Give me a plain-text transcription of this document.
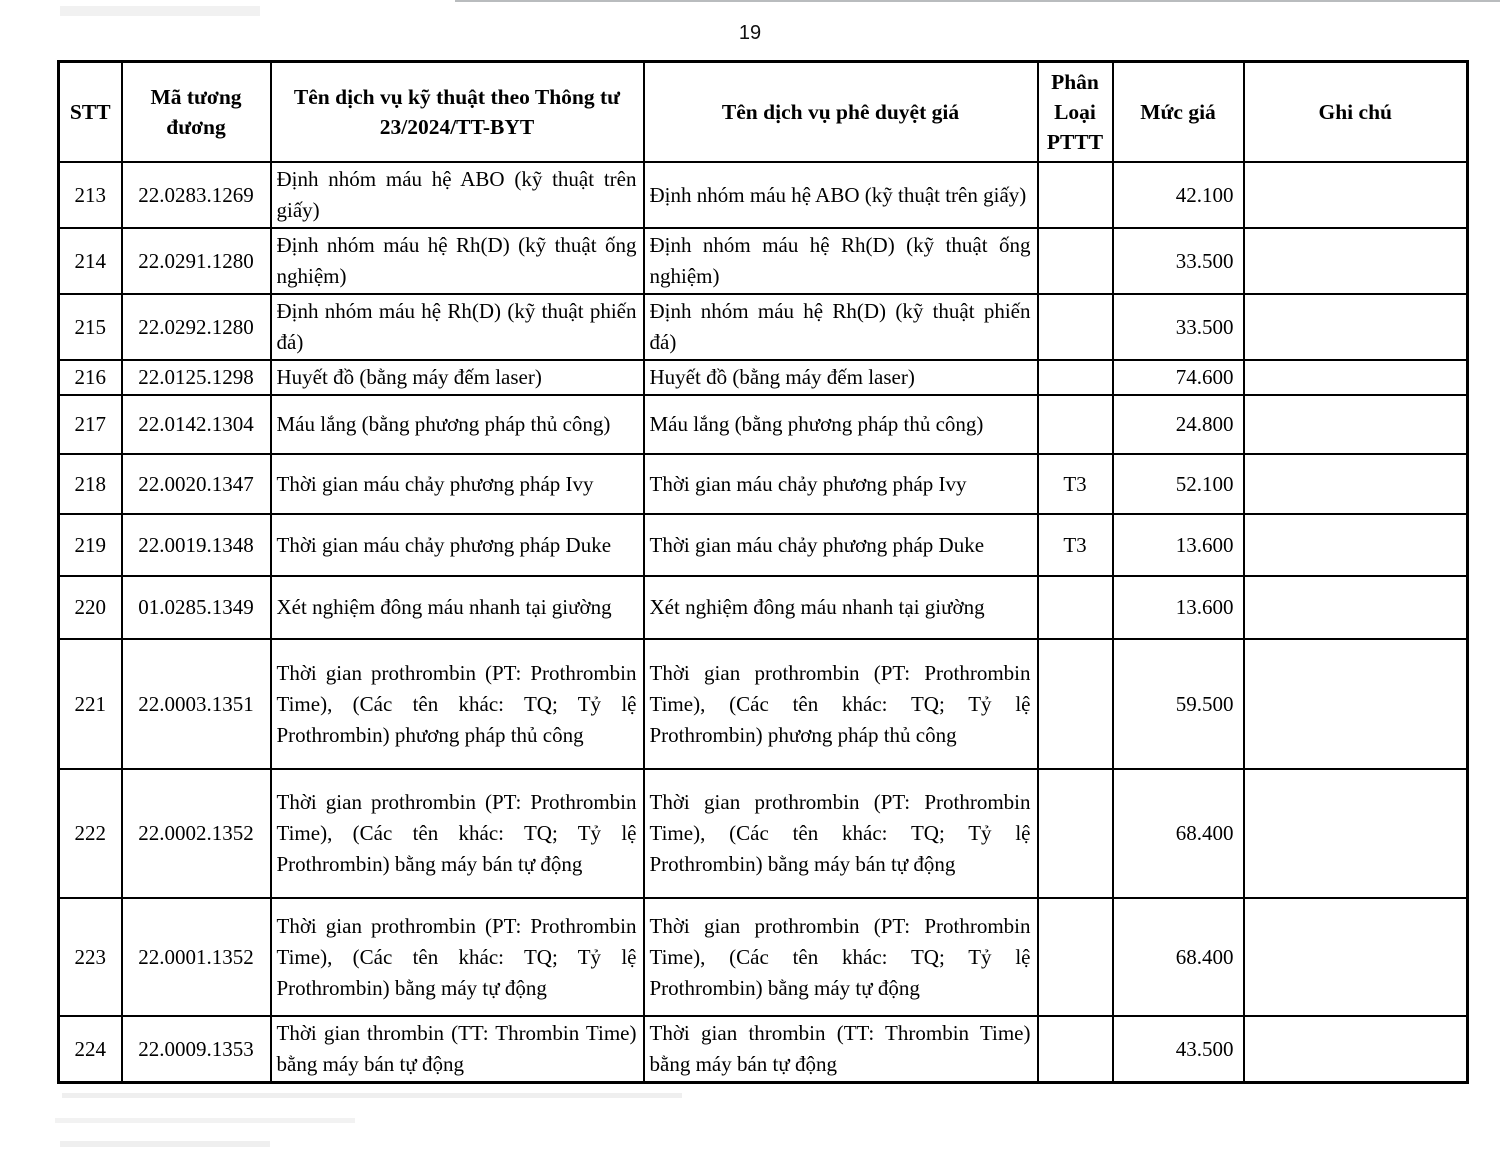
19
STT	Mã tương đương	Tên dịch vụ kỹ thuật theo Thông tư 23/2024/TT-BYT	Tên dịch vụ phê duyệt giá	Phân Loại PTTT	Mức giá	Ghi chú
213	22.0283.1269	Định nhóm máu hệ ABO (kỹ thuật trên giấy)	Định nhóm máu hệ ABO (kỹ thuật trên giấy)		42.100	
214	22.0291.1280	Định nhóm máu hệ Rh(D) (kỹ thuật ống nghiệm)	Định nhóm máu hệ Rh(D) (kỹ thuật ống nghiệm)		33.500	
215	22.0292.1280	Định nhóm máu hệ Rh(D) (kỹ thuật phiến đá)	Định nhóm máu hệ Rh(D) (kỹ thuật phiến đá)		33.500	
216	22.0125.1298	Huyết đồ (bằng máy đếm laser)	Huyết đồ (bằng máy đếm laser)		74.600	
217	22.0142.1304	Máu lắng (bằng phương pháp thủ công)	Máu lắng (bằng phương pháp thủ công)		24.800	
218	22.0020.1347	Thời gian máu chảy phương pháp Ivy	Thời gian máu chảy phương pháp Ivy	T3	52.100	
219	22.0019.1348	Thời gian máu chảy phương pháp Duke	Thời gian máu chảy phương pháp Duke	T3	13.600	
220	01.0285.1349	Xét nghiệm đông máu nhanh tại giường	Xét nghiệm đông máu nhanh tại giường		13.600	
221	22.0003.1351	Thời gian prothrombin (PT: Prothrombin Time), (Các tên khác: TQ; Tỷ lệ Prothrombin) phương pháp thủ công	Thời gian prothrombin (PT: Prothrombin Time), (Các tên khác: TQ; Tỷ lệ Prothrombin) phương pháp thủ công		59.500	
222	22.0002.1352	Thời gian prothrombin (PT: Prothrombin Time), (Các tên khác: TQ; Tỷ lệ Prothrombin) bằng máy bán tự động	Thời gian prothrombin (PT: Prothrombin Time), (Các tên khác: TQ; Tỷ lệ Prothrombin) bằng máy bán tự động		68.400	
223	22.0001.1352	Thời gian prothrombin (PT: Prothrombin Time), (Các tên khác: TQ; Tỷ lệ Prothrombin) bằng máy tự động	Thời gian prothrombin (PT: Prothrombin Time), (Các tên khác: TQ; Tỷ lệ Prothrombin) bằng máy tự động		68.400	
224	22.0009.1353	Thời gian thrombin (TT: Thrombin Time) bằng máy bán tự động	Thời gian thrombin (TT: Thrombin Time) bằng máy bán tự động		43.500	
